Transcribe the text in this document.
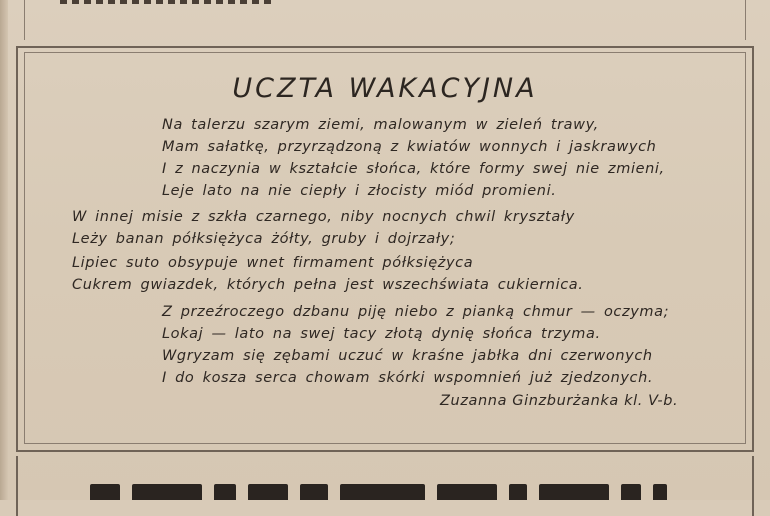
UCZTA WAKACYJNA
Na talerzu szarym ziemi, malowanym w zieleń trawy,
Mam sałatkę, przyrządzoną z kwiatów wonnych i jaskrawych
I z naczynia w kształcie słońca, które formy swej nie zmieni,
Leje lato na nie ciepły i złocisty miód promieni.
W innej misie z szkła czarnego, niby nocnych chwil kryształy
Leży banan półksiężyca żółty, gruby i dojrzały;
Lipiec suto obsypuje wnet firmament półksiężyca
Cukrem gwiazdek, których pełna jest wszechświata cukiernica.
Z przeźroczego dzbanu piję niebo z pianką chmur — oczyma;
Lokaj — lato na swej tacy złotą dynię słońca trzyma.
Wgryzam się zębami uczuć w kraśne jabłka dni czerwonych
I do kosza serca chowam skórki wspomnień już zjedzonych.
Zuzanna Ginzburżanka kl. V-b.
